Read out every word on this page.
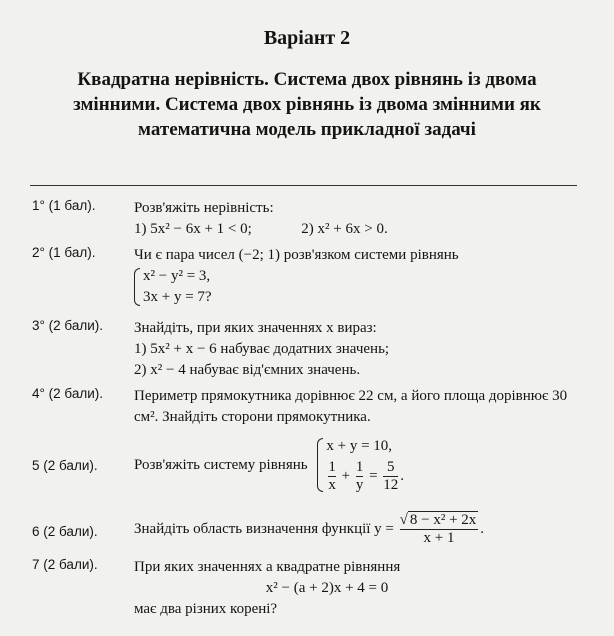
Варіант 2
Квадратна нерівність. Система двох рівнянь із двома
змінними. Система двох рівнянь із двома змінними як
математична модель прикладної задачі
1° (1 бал).	Розв'яжіть нерівність:
1) 5x² − 6x + 1 < 0;	2) x² + 6x > 0.
2° (1 бал).	Чи є пара чисел (−2; 1) розв'язком системи рівнянь
x² − y² = 3,
3x + y = 7?
3° (2 бали). Знайдіть, при яких значеннях x вираз:
1) 5x² + x − 6 набуває додатних значень;
2) x² − 4 набуває від'ємних значень.
4° (2 бали). Периметр прямокутника дорівнює 22 см, а його площа дорівнює 30 см². Знайдіть сторони прямокутника.
5 (2 бали). Розв'яжіть систему рівнянь
x + y = 10,
$\frac{1}{x} + \frac{1}{y} = \frac{5}{12}$ .
6 (2 бали). Знайдіть область визначення функції $y = \frac{\text{√ 8 − x² + 2x}}{x + 1}$ .
7 (2 бали). При яких значеннях a квадратне рівняння
x² − (a + 2)x + 4 = 0
має два різних корені?
